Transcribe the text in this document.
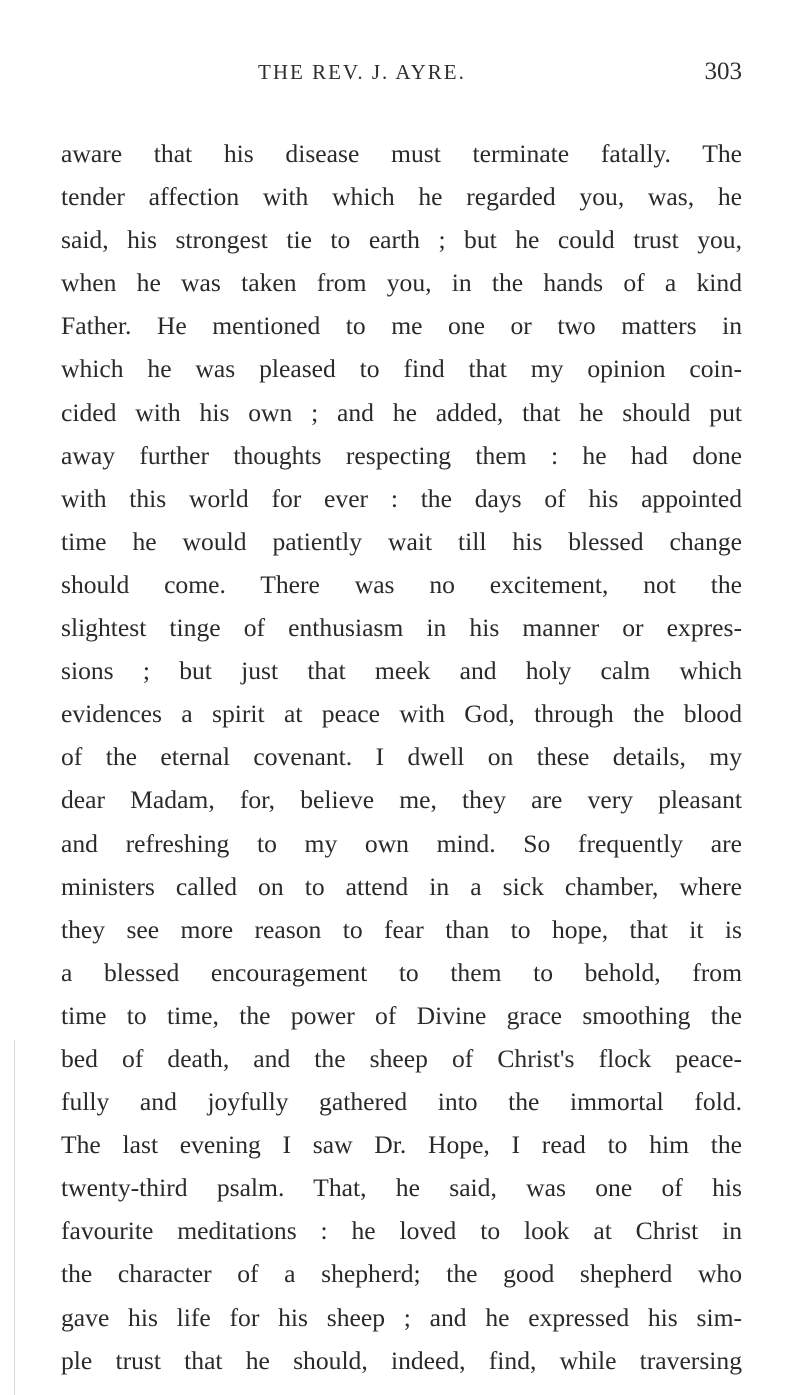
THE REV. J. AYRE.	303
aware that his disease must terminate fatally. The
tender affection with which he regarded you, was, he
said, his strongest tie to earth ; but he could trust you,
when he was taken from you, in the hands of a kind
Father. He mentioned to me one or two matters in
which he was pleased to find that my opinion coin-
cided with his own ; and he added, that he should put
away further thoughts respecting them : he had done
with this world for ever : the days of his appointed
time he would patiently wait till his blessed change
should come. There was no excitement, not the
slightest tinge of enthusiasm in his manner or expres-
sions ; but just that meek and holy calm which
evidences a spirit at peace with God, through the blood
of the eternal covenant. I dwell on these details, my
dear Madam, for, believe me, they are very pleasant
and refreshing to my own mind. So frequently are
ministers called on to attend in a sick chamber, where
they see more reason to fear than to hope, that it is
a blessed encouragement to them to behold, from
time to time, the power of Divine grace smoothing the
bed of death, and the sheep of Christ's flock peace-
fully and joyfully gathered into the immortal fold.
The last evening I saw Dr. Hope, I read to him the
twenty-third psalm. That, he said, was one of his
favourite meditations : he loved to look at Christ in
the character of a shepherd; the good shepherd who
gave his life for his sheep ; and he expressed his sim-
ple trust that he should, indeed, find, while traversing
